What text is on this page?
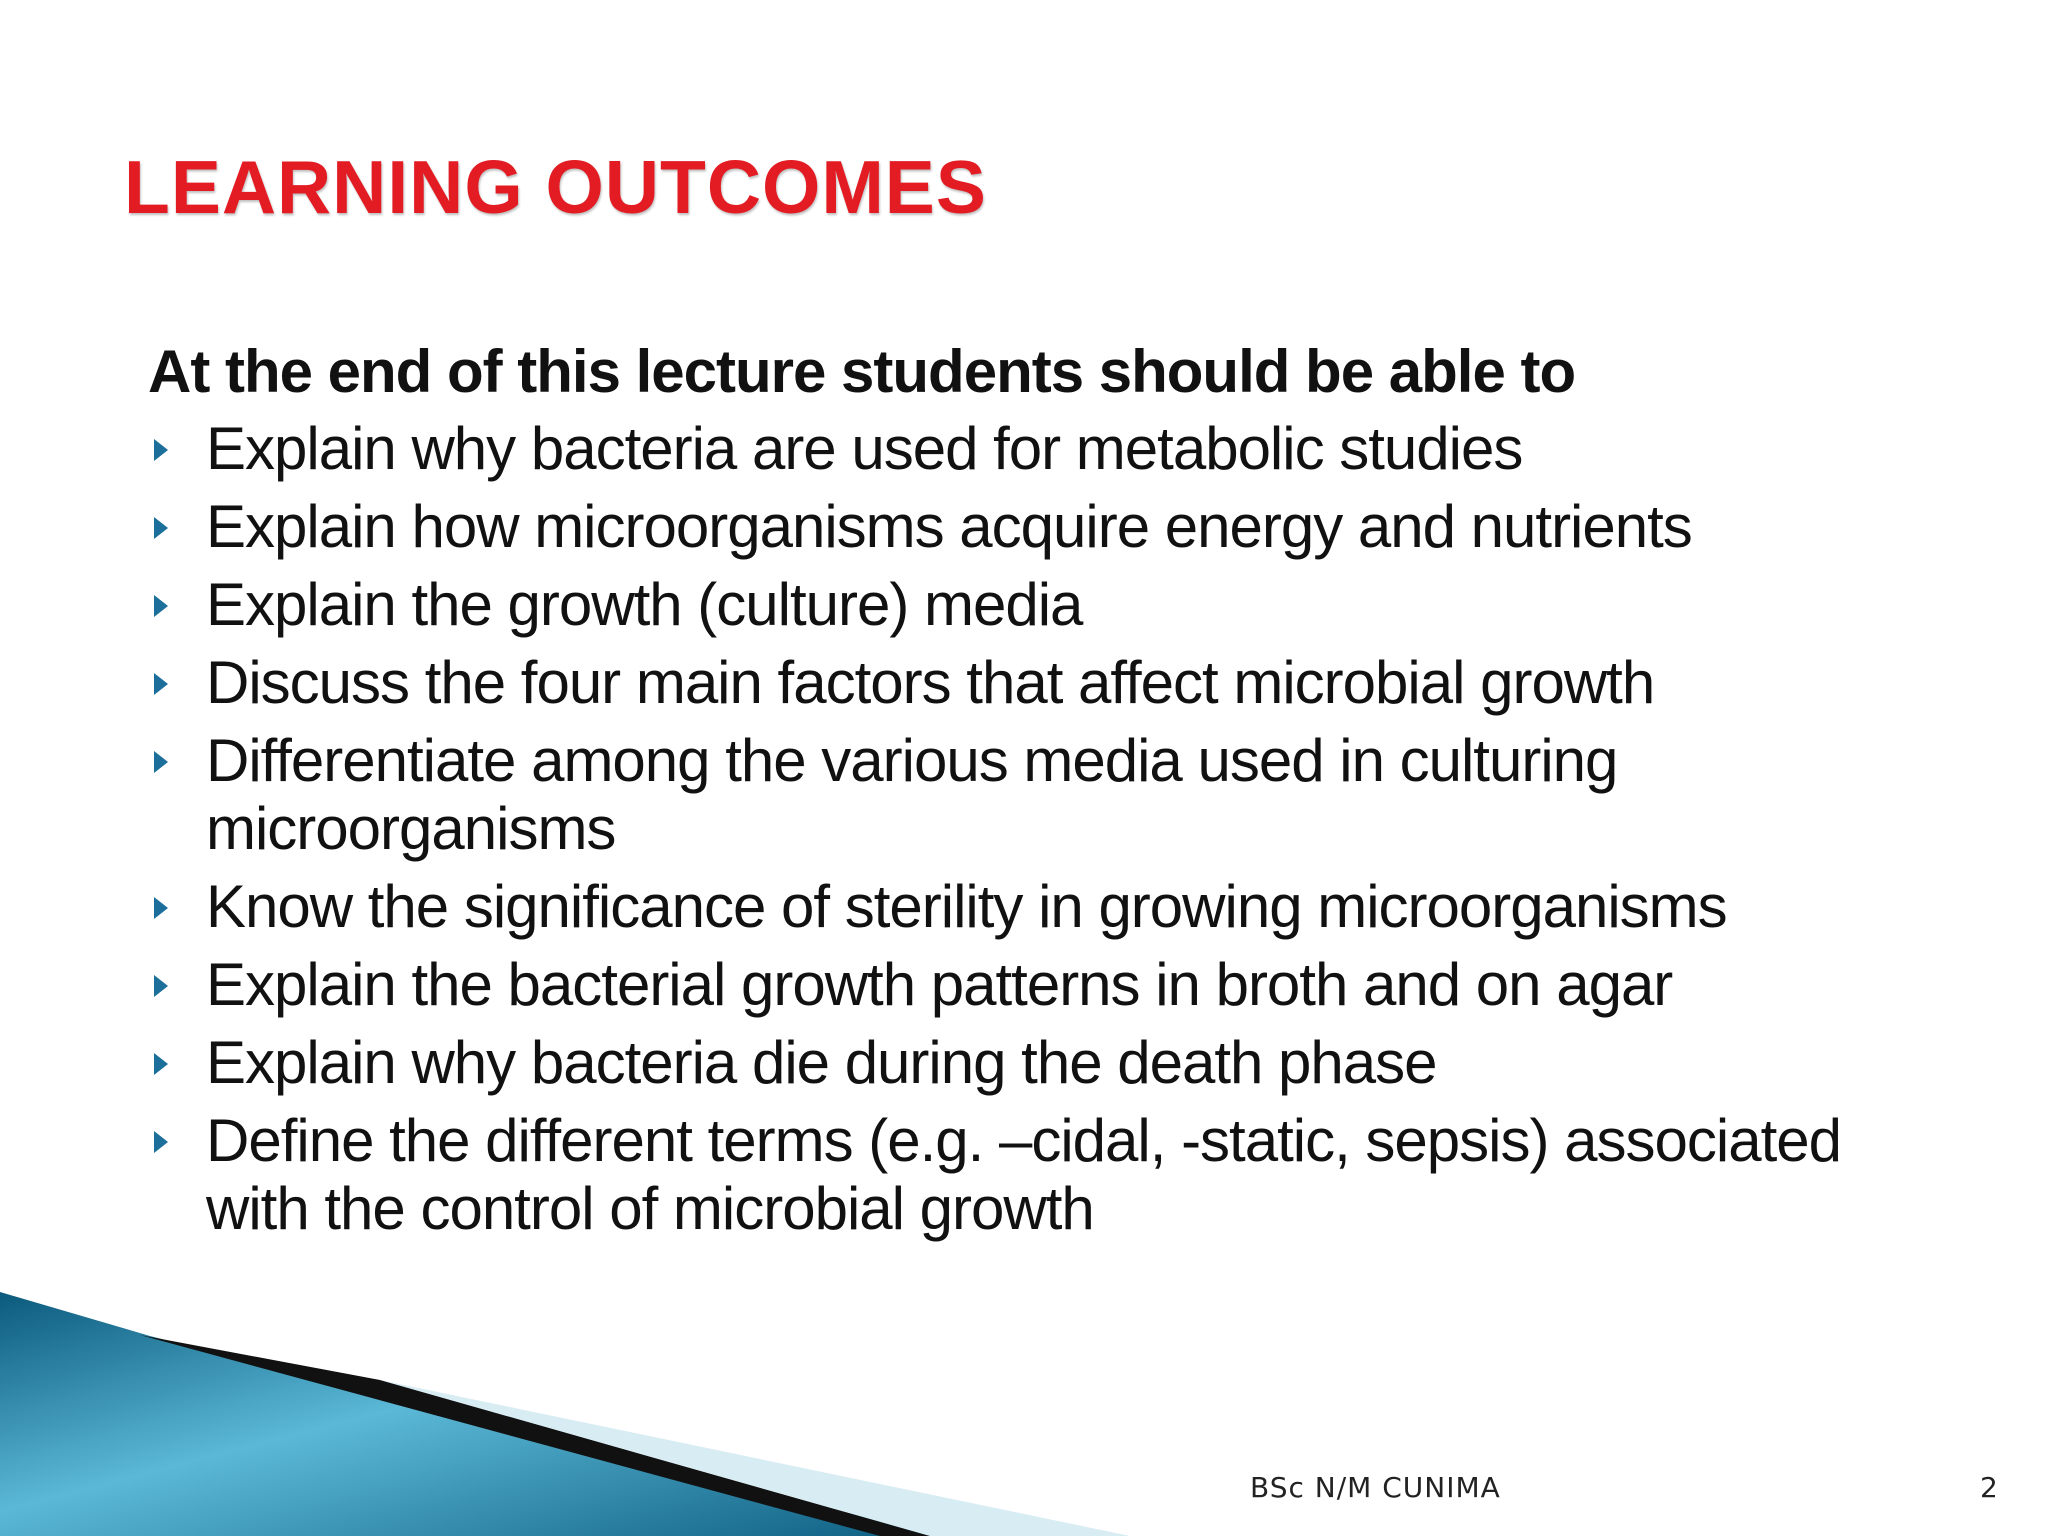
LEARNING OUTCOMES

At the end of this lecture students should be able to

Explain why bacteria are used for metabolic studies
Explain how microorganisms acquire energy and nutrients
Explain the growth (culture) media
Discuss the four main factors that affect microbial growth
Differentiate among the various media used in culturing microorganisms
Know the significance of sterility in growing microorganisms
Explain the bacterial growth patterns in broth and on agar
Explain why bacteria die during the death phase
Define the different terms (e.g. –cidal, -static, sepsis) associated with the control of microbial growth
BSc N/M CUNIMA	2
